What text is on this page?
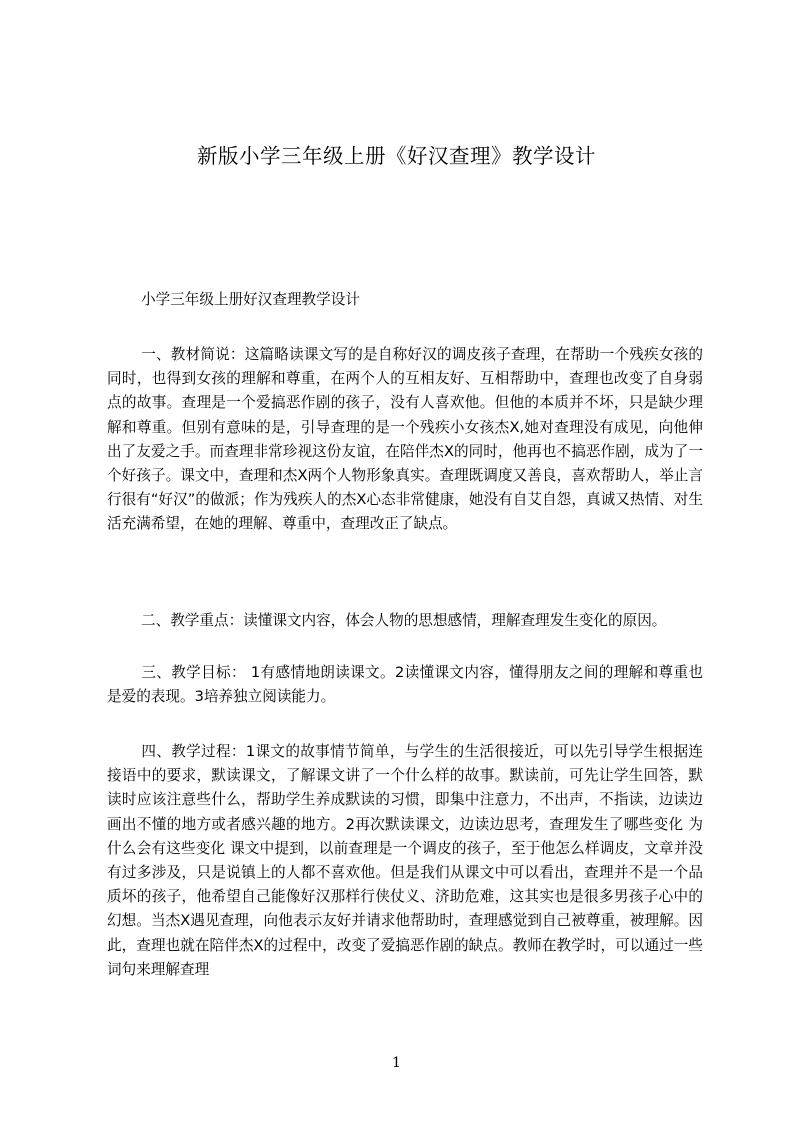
新版小学三年级上册《好汉查理》教学设计

小学三年级上册好汉查理教学设计

一、教材简说：这篇略读课文写的是自称好汉的调皮孩子查理，在帮助一个残疾女孩的同时，也得到女孩的理解和尊重，在两个人的互相友好、互相帮助中，查理也改变了自身弱点的故事。查理是一个爱搞恶作剧的孩子，没有人喜欢他。但他的本质并不坏，只是缺少理解和尊重。但别有意味的是，引导查理的是一个残疾小女孩杰X,她对查理没有成见，向他伸出了友爱之手。而查理非常珍视这份友谊，在陪伴杰X的同时，他再也不搞恶作剧，成为了一个好孩子。课文中，查理和杰X两个人物形象真实。查理既调度又善良，喜欢帮助人，举止言行很有“好汉”的做派；作为残疾人的杰X心态非常健康，她没有自艾自怨，真诚又热情、对生活充满希望，在她的理解、尊重中，查理改正了缺点。

二、教学重点：读懂课文内容，体会人物的思想感情，理解查理发生变化的原因。

三、教学目标： 1有感情地朗读课文。2读懂课文内容，懂得朋友之间的理解和尊重也是爱的表现。3培养独立阅读能力。

四、教学过程：1课文的故事情节简单，与学生的生活很接近，可以先引导学生根据连接语中的要求，默读课文，了解课文讲了一个什么样的故事。默读前，可先让学生回答，默读时应该注意些什么，帮助学生养成默读的习惯，即集中注意力，不出声，不指读，边读边画出不懂的地方或者感兴趣的地方。2再次默读课文，边读边思考，查理发生了哪些变化 为什么会有这些变化 课文中提到，以前查理是一个调皮的孩子，至于他怎么样调皮，文章并没有过多涉及，只是说镇上的人都不喜欢他。但是我们从课文中可以看出，查理并不是一个品质坏的孩子，他希望自己能像好汉那样行侠仗义、济助危难，这其实也是很多男孩子心中的幻想。当杰X遇见查理，向他表示友好并请求他帮助时，查理感觉到自己被尊重，被理解。因此，查理也就在陪伴杰X的过程中，改变了爱搞恶作剧的缺点。教师在教学时，可以通过一些词句来理解查理

1
